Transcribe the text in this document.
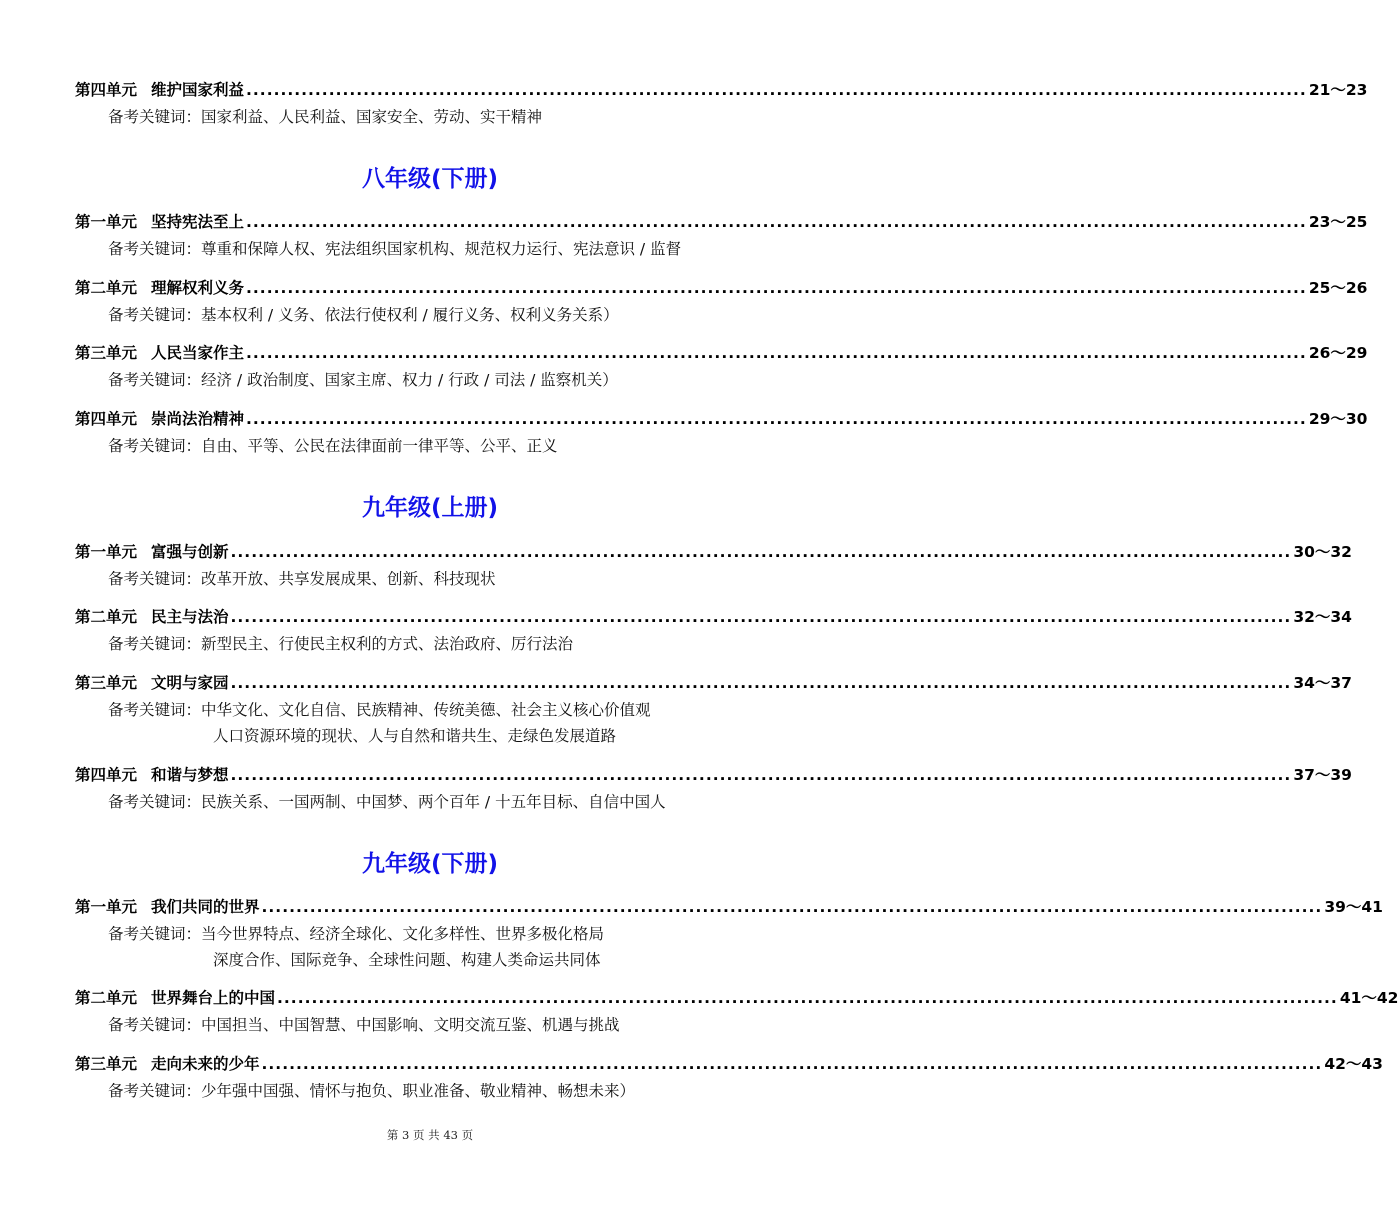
第四单元 维护国家利益 .......................................................................................................................................................... 21～23
备考关键词：国家利益、人民利益、国家安全、劳动、实干精神
八年级(下册)
第一单元 坚持宪法至上 .......................................................................................................................................................... 23～25
备考关键词：尊重和保障人权、宪法组织国家机构、规范权力运行、宪法意识 / 监督
第二单元 理解权利义务 .......................................................................................................................................................... 25～26
备考关键词：基本权利 / 义务、依法行使权利 / 履行义务、权利义务关系）
第三单元 人民当家作主 .......................................................................................................................................................... 26～29
备考关键词：经济 / 政治制度、国家主席、权力 / 行政 / 司法 / 监察机关）
第四单元 崇尚法治精神 .......................................................................................................................................................... 29～30
备考关键词：自由、平等、公民在法律面前一律平等、公平、正义
九年级(上册)
第一单元 富强与创新 .......................................................................................................................................................... 30～32
备考关键词：改革开放、共享发展成果、创新、科技现状
第二单元 民主与法治 .......................................................................................................................................................... 32～34
备考关键词：新型民主、行使民主权利的方式、法治政府、厉行法治
第三单元 文明与家园 .......................................................................................................................................................... 34～37
备考关键词：中华文化、文化自信、民族精神、传统美德、社会主义核心价值观
人口资源环境的现状、人与自然和谐共生、走绿色发展道路
第四单元 和谐与梦想 .......................................................................................................................................................... 37～39
备考关键词：民族关系、一国两制、中国梦、两个百年 / 十五年目标、自信中国人
九年级(下册)
第一单元 我们共同的世界 .......................................................................................................................................................... 39～41
备考关键词：当今世界特点、经济全球化、文化多样性、世界多极化格局
深度合作、国际竞争、全球性问题、构建人类命运共同体
第二单元 世界舞台上的中国 .......................................................................................................................................................... 41～42
备考关键词：中国担当、中国智慧、中国影响、文明交流互鉴、机遇与挑战
第三单元 走向未来的少年 .......................................................................................................................................................... 42～43
备考关键词：少年强中国强、情怀与抱负、职业准备、敬业精神、畅想未来）
第 3 页 共 43 页
